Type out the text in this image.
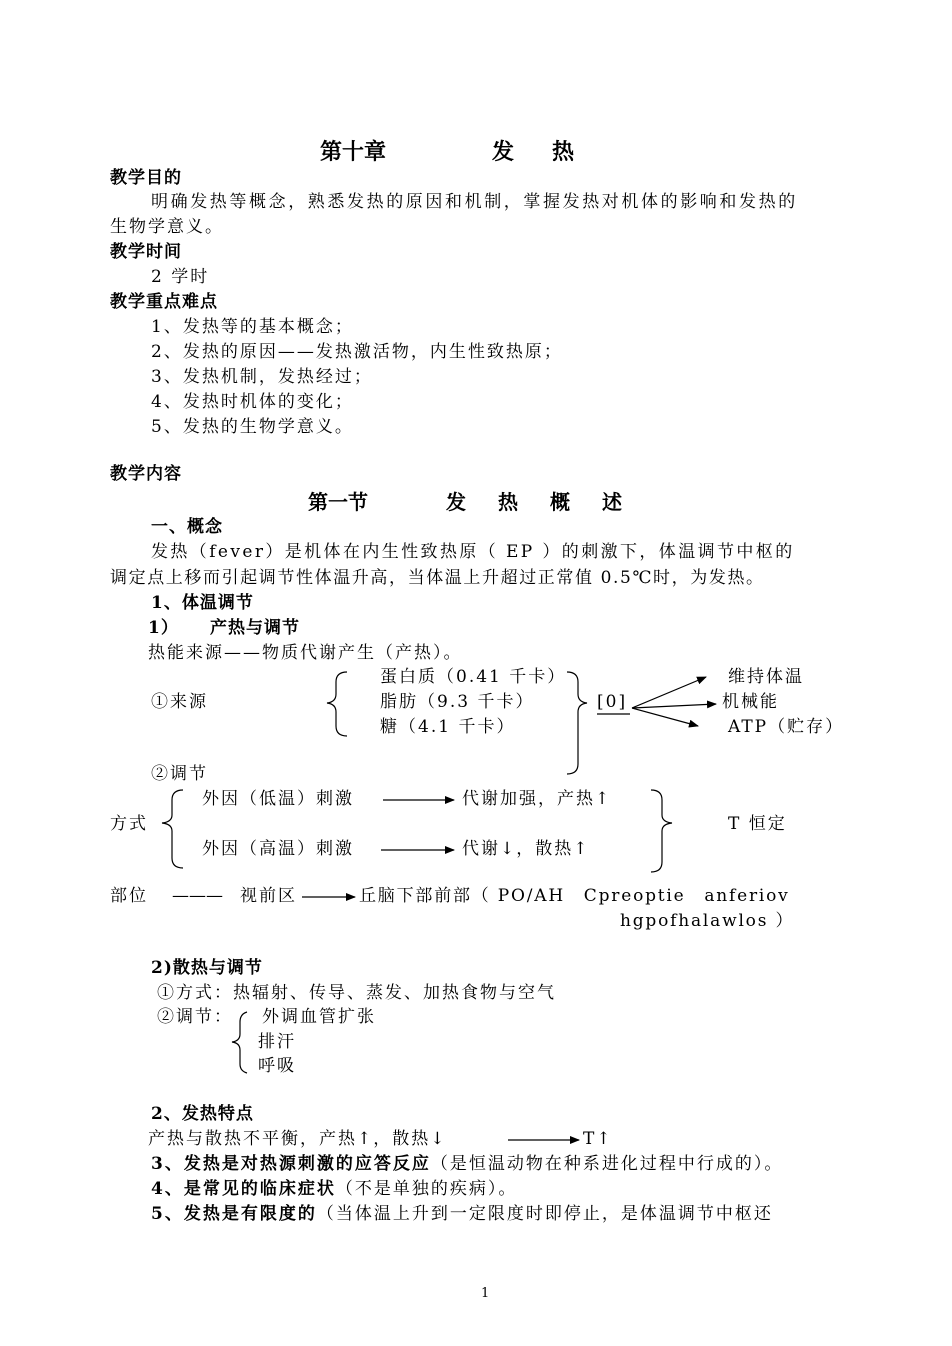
第十章	发　热
教学目的
明确发热等概念，熟悉发热的原因和机制，掌握发热对机体的影响和发热的
生物学意义。
教学时间
2 学时
教学重点难点
1、发热等的基本概念；
2、发热的原因——发热激活物，内生性致热原；
3、发热机制，发热经过；
4、发热时机体的变化；
5、发热的生物学意义。
教学内容
第一节	发　热　概　述
一、概念
发热（fever）是机体在内生性致热原（ EP ）的刺激下，体温调节中枢的
调定点上移而引起调节性体温升高，当体温上升超过正常值 0.5℃时，为发热。
1、体温调节
1） 产热与调节
热能来源——物质代谢产生（产热）。
①来源
蛋白质（0.41 千卡）
脂肪（9.3 千卡）
糖（4.1 千卡）
[0]
维持体温
机械能
ATP（贮存）
②调节
方式
外因（低温）刺激	代谢加强，产热↑
外因（高温）刺激	代谢↓，散热↑
T 恒定
部位 ——— 视前区	丘脑下部前部（ PO/AH　Cpreoptie　anferiov
hgpofhalawlos ）
2)散热与调节
①方式：热辐射、传导、蒸发、加热食物与空气
②调节： 外调血管扩张
排汗
呼吸
2、发热特点
产热与散热不平衡，产热↑，散热↓	T↑
3、发热是对热源刺激的应答反应（是恒温动物在种系进化过程中行成的）。
4、是常见的临床症状（不是单独的疾病）。
5、发热是有限度的（当体温上升到一定限度时即停止，是体温调节中枢还
1
